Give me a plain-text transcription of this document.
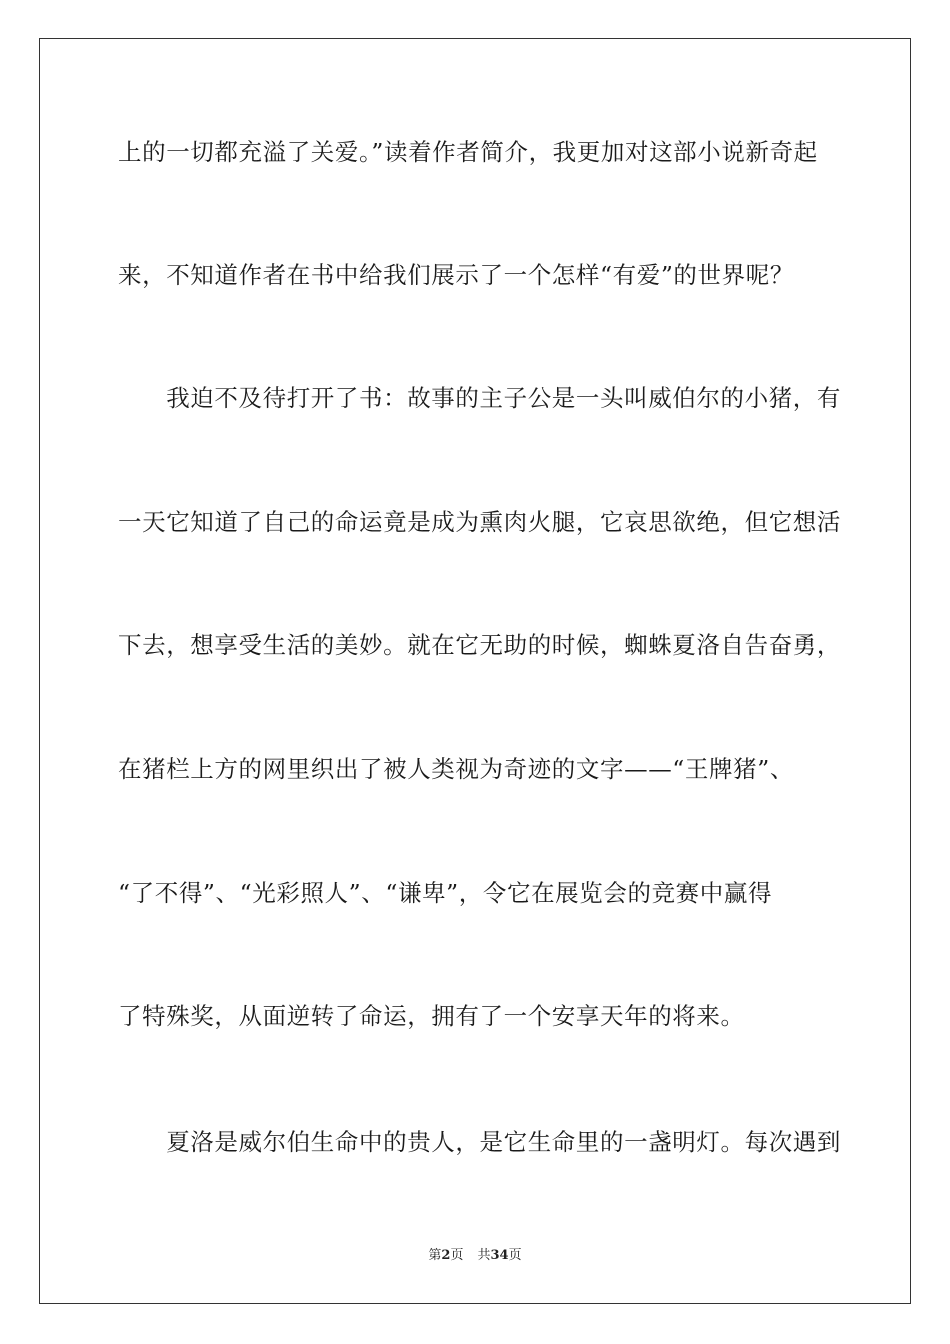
上的一切都充溢了关爱。”读着作者简介，我更加对这部小说新奇起
来，不知道作者在书中给我们展示了一个怎样“有爱”的世界呢？
　　我迫不及待打开了书：故事的主子公是一头叫威伯尔的小猪，有
一天它知道了自己的命运竟是成为熏肉火腿，它哀思欲绝，但它想活
下去，想享受生活的美妙。就在它无助的时候，蜘蛛夏洛自告奋勇，
在猪栏上方的网里织出了被人类视为奇迹的文字——“王牌猪”、
“了不得”、“光彩照人”、“谦卑”，令它在展览会的竞赛中赢得
了特殊奖，从面逆转了命运，拥有了一个安享天年的将来。
　　夏洛是威尔伯生命中的贵人，是它生命里的一盏明灯。每次遇到
第2页 共34页
